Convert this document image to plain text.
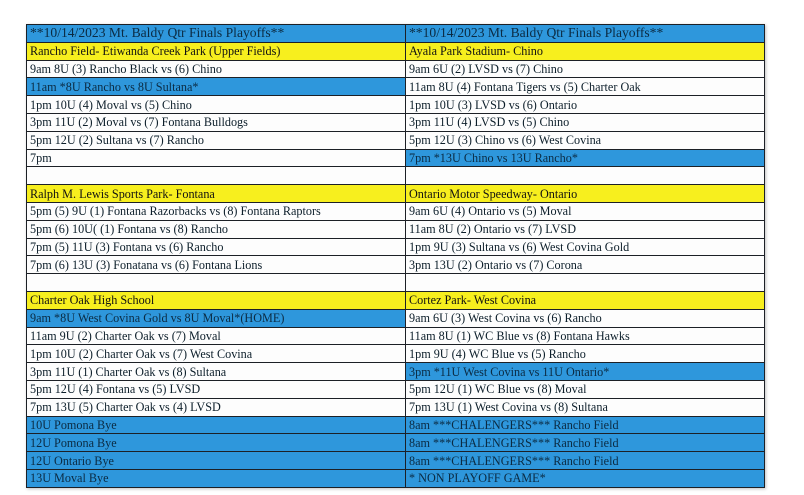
**10/14/2023 Mt. Baldy Qtr Finals Playoffs**	**10/14/2023 Mt. Baldy Qtr Finals Playoffs**
Rancho Field- Etiwanda Creek Park (Upper Fields)	Ayala Park Stadium- Chino
9am 8U (3) Rancho Black vs (6) Chino	9am 6U (2) LVSD vs (7) Chino
11am *8U Rancho vs 8U Sultana*	11am 8U (4) Fontana Tigers vs (5) Charter Oak
1pm 10U (4) Moval vs (5) Chino	1pm 10U (3) LVSD vs (6) Ontario
3pm 11U (2) Moval vs (7) Fontana Bulldogs	3pm 11U (4) LVSD vs (5) Chino
5pm 12U (2) Sultana vs (7) Rancho	5pm 12U (3) Chino vs (6) West Covina
7pm	7pm *13U Chino vs 13U Rancho*

Ralph M. Lewis Sports Park- Fontana	Ontario Motor Speedway- Ontario
5pm (5) 9U (1) Fontana Razorbacks vs (8) Fontana Raptors	9am 6U (4) Ontario vs (5) Moval
5pm (6) 10U( (1) Fontana vs (8) Rancho	11am 8U (2) Ontario vs (7) LVSD
7pm (5) 11U (3) Fontana vs (6) Rancho	1pm 9U (3) Sultana vs (6) West Covina Gold
7pm (6) 13U (3) Fonatana vs (6) Fontana Lions	3pm 13U (2) Ontario vs (7) Corona

Charter Oak High School	Cortez Park- West Covina
9am *8U West Covina Gold vs 8U Moval*(HOME)	9am 6U (3) West Covina vs (6) Rancho
11am 9U (2) Charter Oak vs (7) Moval	11am 8U (1) WC Blue vs (8) Fontana Hawks
1pm 10U (2) Charter Oak vs (7) West Covina	1pm 9U (4) WC Blue vs (5) Rancho
3pm 11U (1) Charter Oak vs (8) Sultana	3pm *11U West Covina vs 11U Ontario*
5pm 12U (4) Fontana vs (5) LVSD	5pm 12U (1) WC Blue vs (8) Moval
7pm 13U (5) Charter Oak vs (4) LVSD	7pm 13U (1) West Covina vs (8) Sultana
10U Pomona Bye	8am ***CHALENGERS*** Rancho Field
12U Pomona Bye	8am ***CHALENGERS*** Rancho Field
12U Ontario Bye	8am ***CHALENGERS*** Rancho Field
13U Moval Bye	* NON PLAYOFF GAME*
